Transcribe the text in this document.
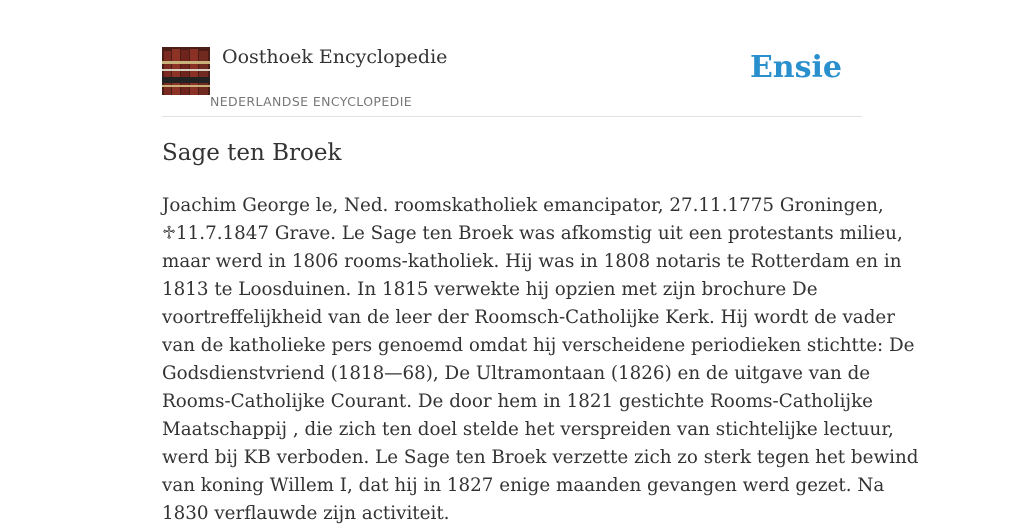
Oosthoek Encyclopedie
NEDERLANDSE ENCYCLOPEDIE
Ensie
Sage ten Broek

Joachim George le, Ned. roomskatholiek emancipator, 27.11.1775 Groningen,
♱11.7.1847 Grave. Le Sage ten Broek was afkomstig uit een protestants milieu,
maar werd in 1806 rooms-katholiek. Hij was in 1808 notaris te Rotterdam en in
1813 te Loosduinen. In 1815 verwekte hij opzien met zijn brochure De
voortreffelijkheid van de leer der Roomsch-Catholijke Kerk. Hij wordt de vader
van de katholieke pers genoemd omdat hij verscheidene periodieken stichtte: De
Godsdienstvriend (1818—68), De Ultramontaan (1826) en de uitgave van de
Rooms-Catholijke Courant. De door hem in 1821 gestichte Rooms-Catholijke
Maatschappij , die zich ten doel stelde het verspreiden van stichtelijke lectuur,
werd bij KB verboden. Le Sage ten Broek verzette zich zo sterk tegen het bewind
van koning Willem I, dat hij in 1827 enige maanden gevangen werd gezet. Na
1830 verflauwde zijn activiteit.
